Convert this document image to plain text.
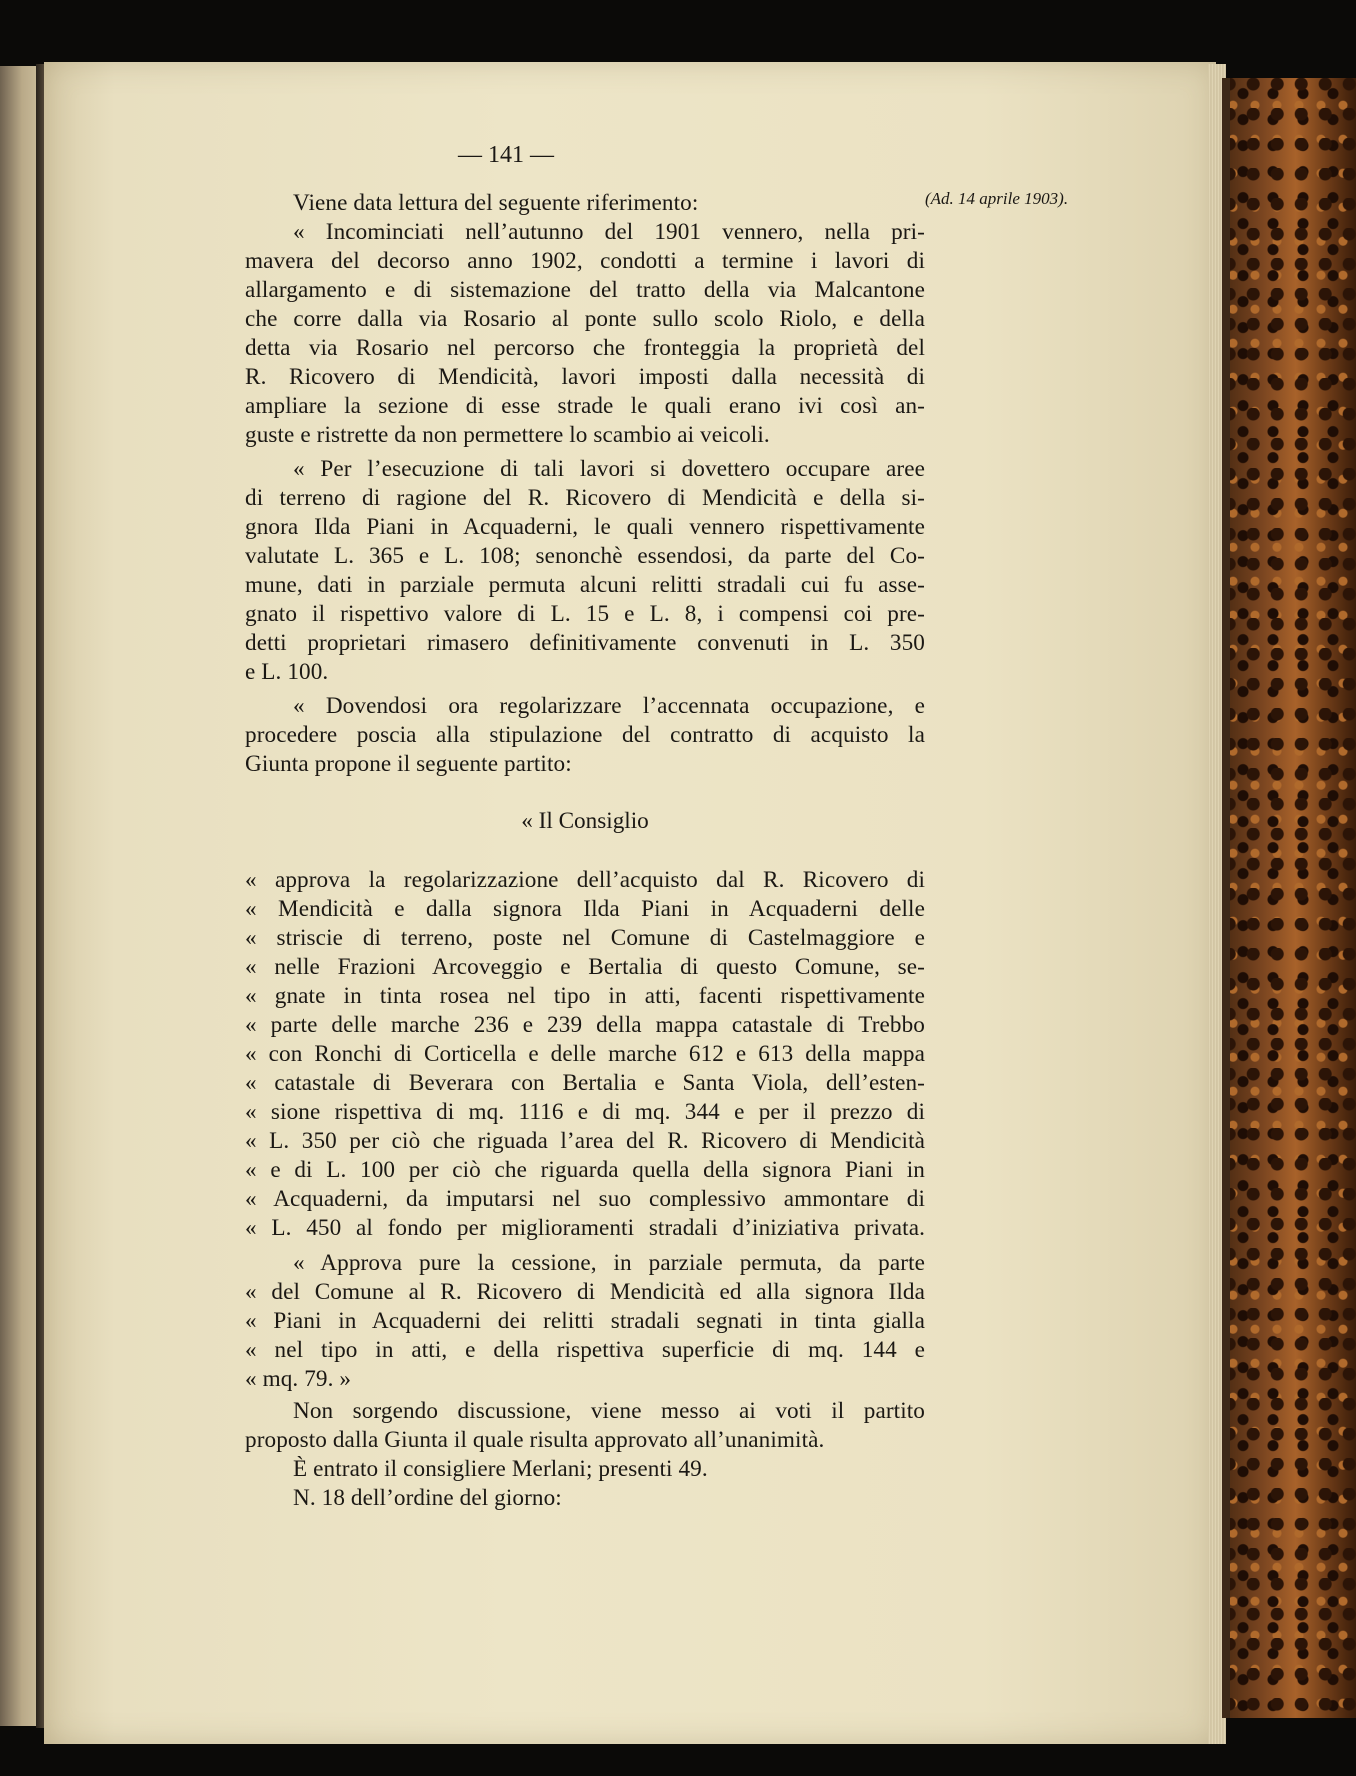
— 141 —
(Ad. 14 aprile 1903).
Viene data lettura del seguente riferimento:
« Incominciati nell’autunno del 1901 vennero, nella pri-
mavera del decorso anno 1902, condotti a termine i lavori di
allargamento e di sistemazione del tratto della via Malcantone
che corre dalla via Rosario al ponte sullo scolo Riolo, e della
detta via Rosario nel percorso che fronteggia la proprietà del
R. Ricovero di Mendicità, lavori imposti dalla necessità di
ampliare la sezione di esse strade le quali erano ivi così an-
guste e ristrette da non permettere lo scambio ai veicoli.
« Per l’esecuzione di tali lavori si dovettero occupare aree
di terreno di ragione del R. Ricovero di Mendicità e della si-
gnora Ilda Piani in Acquaderni, le quali vennero rispettivamente
valutate L. 365 e L. 108; senonchè essendosi, da parte del Co-
mune, dati in parziale permuta alcuni relitti stradali cui fu asse-
gnato il rispettivo valore di L. 15 e L. 8, i compensi coi pre-
detti proprietari rimasero definitivamente convenuti in L. 350
e L. 100.
« Dovendosi ora regolarizzare l’accennata occupazione, e
procedere poscia alla stipulazione del contratto di acquisto la
Giunta propone il seguente partito:
« Il Consiglio
« approva la regolarizzazione dell’acquisto dal R. Ricovero di
« Mendicità e dalla signora Ilda Piani in Acquaderni delle
« striscie di terreno, poste nel Comune di Castelmaggiore e
« nelle Frazioni Arcoveggio e Bertalia di questo Comune, se-
« gnate in tinta rosea nel tipo in atti, facenti rispettivamente
« parte delle marche 236 e 239 della mappa catastale di Trebbo
« con Ronchi di Corticella e delle marche 612 e 613 della mappa
« catastale di Beverara con Bertalia e Santa Viola, dell’esten-
« sione rispettiva di mq. 1116 e di mq. 344 e per il prezzo di
« L. 350 per ciò che riguada l’area del R. Ricovero di Mendicità
« e di L. 100 per ciò che riguarda quella della signora Piani in
« Acquaderni, da imputarsi nel suo complessivo ammontare di
« L. 450 al fondo per miglioramenti stradali d’iniziativa privata.
« Approva pure la cessione, in parziale permuta, da parte
« del Comune al R. Ricovero di Mendicità ed alla signora Ilda
« Piani in Acquaderni dei relitti stradali segnati in tinta gialla
« nel tipo in atti, e della rispettiva superficie di mq. 144 e
« mq. 79. »
Non sorgendo discussione, viene messo ai voti il partito
proposto dalla Giunta il quale risulta approvato all’unanimità.
È entrato il consigliere Merlani; presenti 49.
N. 18 dell’ordine del giorno:
